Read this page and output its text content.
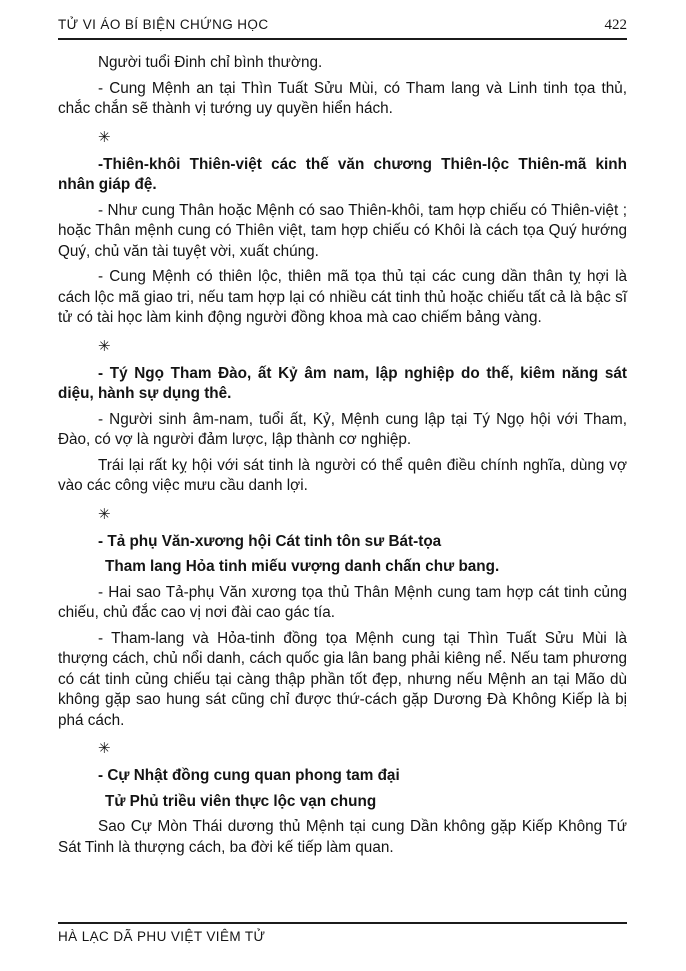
TỬ VI ÁO BÍ BIỆN CHỨNG HỌC	422

Người tuổi Đinh chỉ bình thường.

- Cung Mệnh an tại Thìn Tuất Sửu Mùi, có Tham lang và Linh tinh tọa thủ, chắc chắn sẽ thành vị tướng uy quyền hiển hách.

✳

-Thiên-khôi Thiên-việt các thế văn chương Thiên-lộc Thiên-mã kinh nhân giáp đệ.

- Như cung Thân hoặc Mệnh có sao Thiên-khôi, tam hợp chiếu có Thiên-việt ; hoặc Thân mệnh cung có Thiên việt, tam hợp chiếu có Khôi là cách tọa Quý hướng Quý, chủ văn tài tuyệt vời, xuất chúng.

- Cung Mệnh có thiên lộc, thiên mã tọa thủ tại các cung dần thân tỵ hợi là cách lộc mã giao tri, nếu tam hợp lại có nhiều cát tinh thủ hoặc chiếu tất cả là bậc sĩ tử có tài học làm kinh động người đồng khoa mà cao chiếm bảng vàng.

✳

- Tý Ngọ Tham Đào, ất Kỷ âm nam, lập nghiệp do thế, kiêm năng sát diệu, hành sự dụng thê.

- Người sinh âm-nam, tuổi ất, Kỷ, Mệnh cung lập tại Tý Ngọ hội với Tham, Đào, có vợ là người đảm lược, lập thành cơ nghiệp.

Trái lại rất kỵ hội với sát tinh là người có thể quên điều chính nghĩa, dùng vợ vào các công việc mưu cầu danh lợi.

✳

- Tả phụ Văn-xương hội Cát tinh tôn sư Bát-tọa

Tham lang Hỏa tinh miếu vượng danh chấn chư bang.

- Hai sao Tả-phụ Văn xương tọa thủ Thân Mệnh cung tam hợp cát tinh củng chiếu, chủ đắc cao vị nơi đài cao gác tía.

- Tham-lang và Hỏa-tinh đồng tọa Mệnh cung tại Thìn Tuất Sửu Mùi là thượng cách, chủ nổi danh, cách quốc gia lân bang phải kiêng nể. Nếu tam phương có cát tinh củng chiếu tại càng thập phần tốt đẹp, nhưng nếu Mệnh an tại Mão dù không gặp sao hung sát cũng chỉ được thứ-cách gặp Dương Đà Không Kiếp là bị phá cách.

✳

- Cự Nhật đồng cung quan phong tam đại

Tử Phủ triều viên thực lộc vạn chung

Sao Cự Mòn Thái dương thủ Mệnh tại cung Dần không gặp Kiếp Không Tứ Sát Tinh là thượng cách, ba đời kế tiếp làm quan.

HÀ LẠC DÃ PHU VIỆT VIÊM TỬ
